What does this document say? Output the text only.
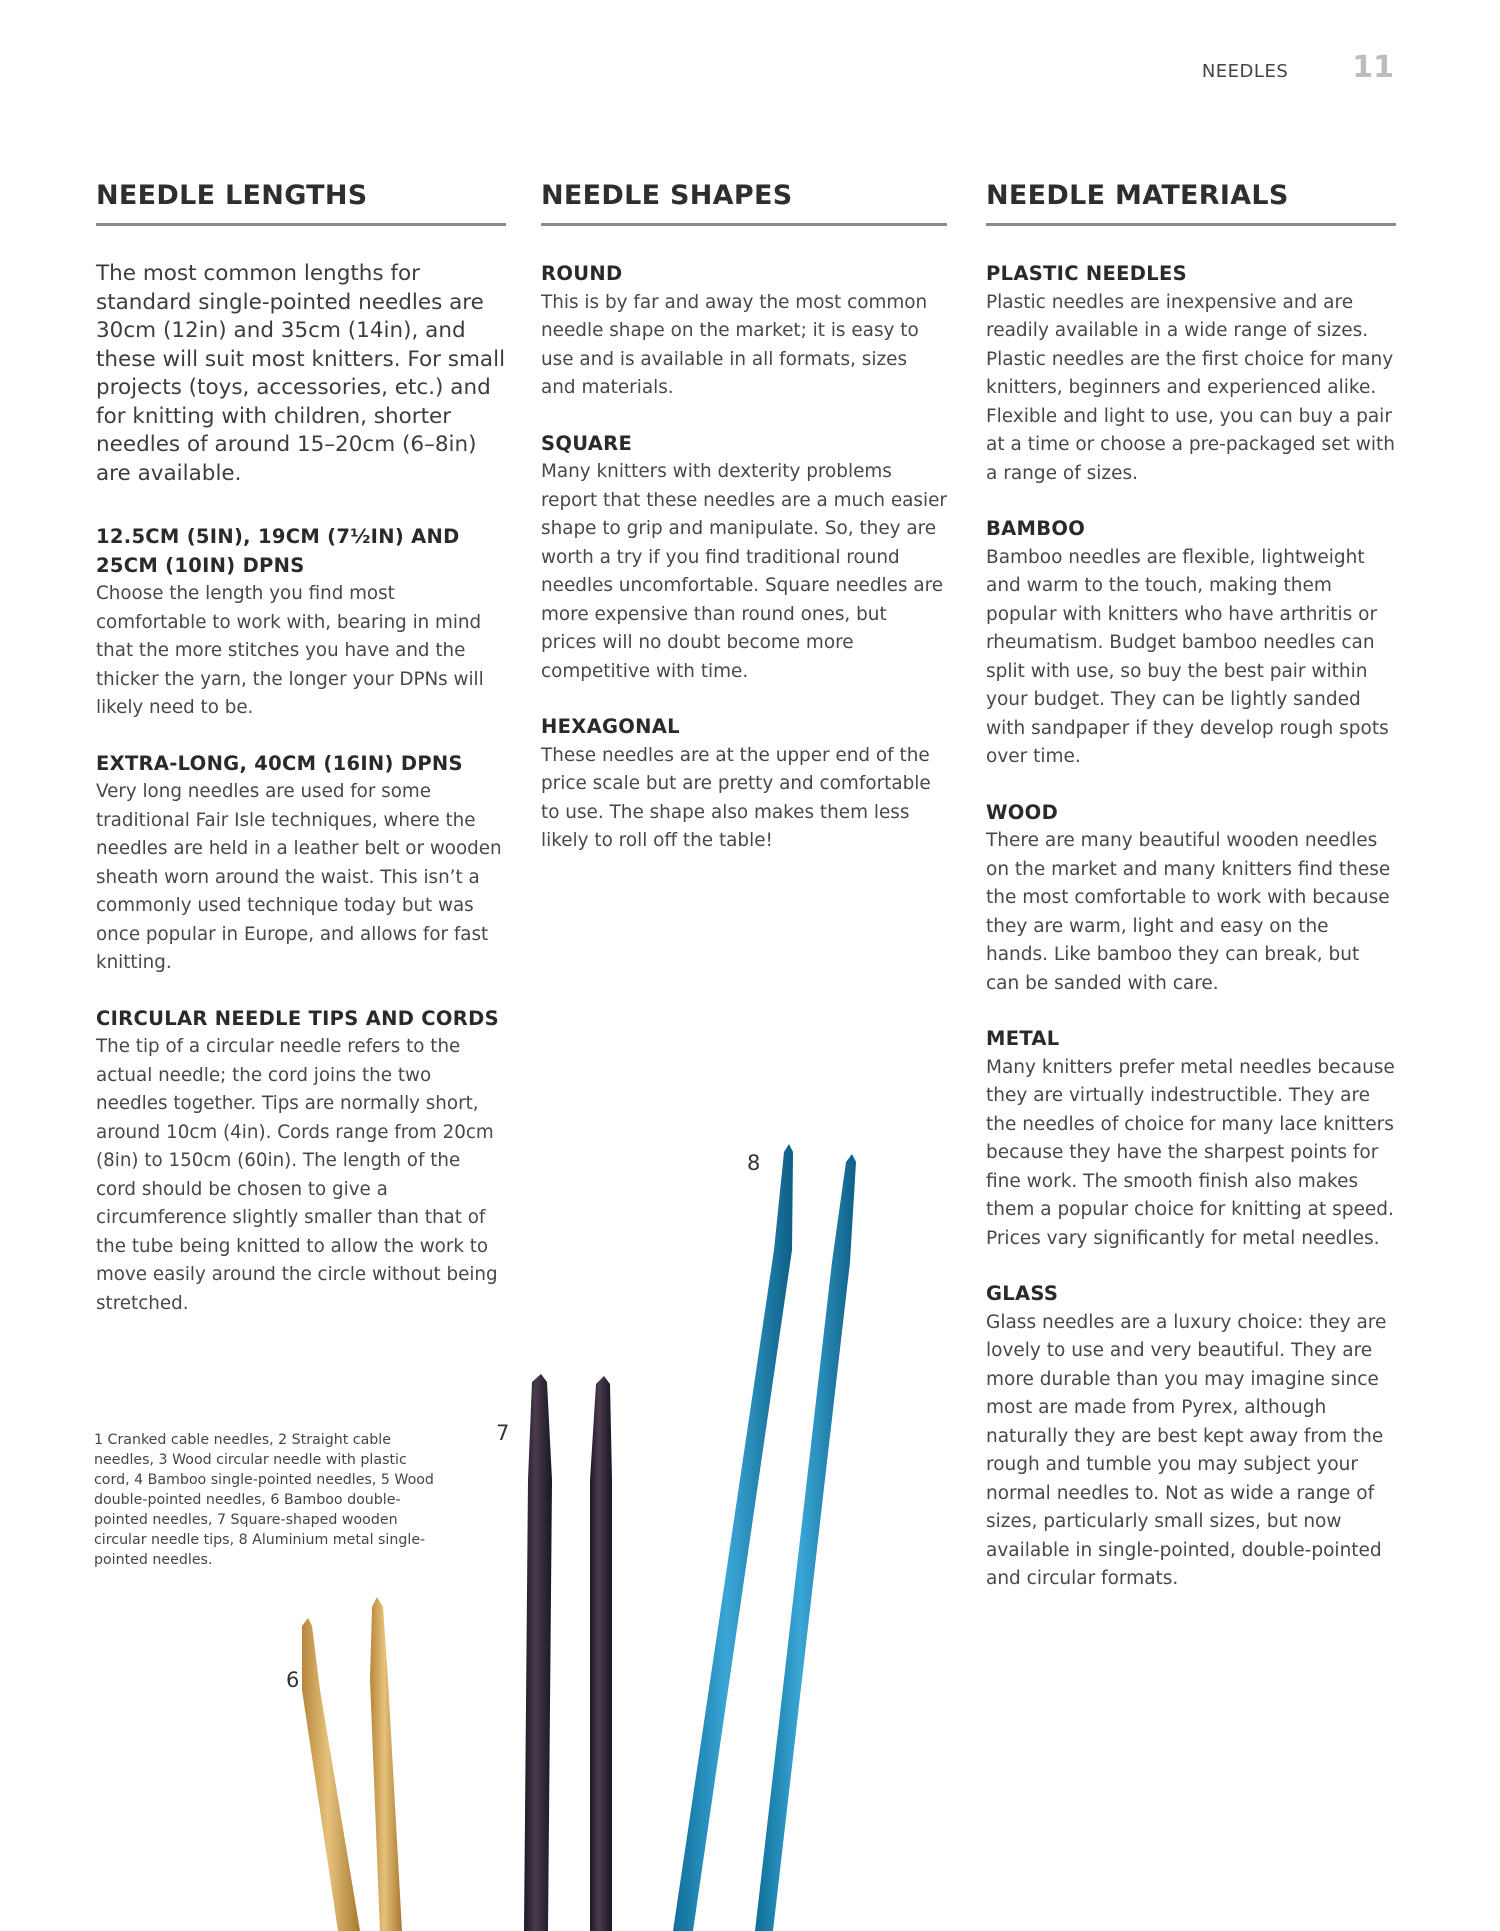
NEEDLES 11
NEEDLE LENGTHS

The most common lengths for standard single-pointed needles are 30cm (12in) and 35cm (14in), and these will suit most knitters. For small projects (toys, accessories, etc.) and for knitting with children, shorter needles of around 15–20cm (6–8in) are available.

12.5CM (5IN), 19CM (7½IN) AND 25CM (10IN) DPNS

Choose the length you find most comfortable to work with, bearing in mind that the more stitches you have and the thicker the yarn, the longer your DPNs will likely need to be.

EXTRA-LONG, 40CM (16IN) DPNS

Very long needles are used for some traditional Fair Isle techniques, where the needles are held in a leather belt or wooden sheath worn around the waist. This isn’t a commonly used technique today but was once popular in Europe, and allows for fast knitting.

CIRCULAR NEEDLE TIPS AND CORDS

The tip of a circular needle refers to the actual needle; the cord joins the two needles together. Tips are normally short, around 10cm (4in). Cords range from 20cm (8in) to 150cm (60in). The length of the cord should be chosen to give a circumference slightly smaller than that of the tube being knitted to allow the work to move easily around the circle without being stretched.

NEEDLE SHAPES
ROUND

This is by far and away the most common needle shape on the market; it is easy to use and is available in all formats, sizes and materials.

SQUARE

Many knitters with dexterity problems report that these needles are a much easier shape to grip and manipulate. So, they are worth a try if you find traditional round needles uncomfortable. Square needles are more expensive than round ones, but prices will no doubt become more competitive with time.

HEXAGONAL

These needles are at the upper end of the price scale but are pretty and comfortable to use. The shape also makes them less likely to roll off the table!

NEEDLE MATERIALS
PLASTIC NEEDLES

Plastic needles are inexpensive and are readily available in a wide range of sizes. Plastic needles are the first choice for many knitters, beginners and experienced alike. Flexible and light to use, you can buy a pair at a time or choose a pre-packaged set with a range of sizes.

BAMBOO

Bamboo needles are flexible, lightweight and warm to the touch, making them popular with knitters who have arthritis or rheumatism. Budget bamboo needles can split with use, so buy the best pair within your budget. They can be lightly sanded with sandpaper if they develop rough spots over time.

WOOD

There are many beautiful wooden needles on the market and many knitters find these the most comfortable to work with because they are warm, light and easy on the hands. Like bamboo they can break, but can be sanded with care.

METAL

Many knitters prefer metal needles because they are virtually indestructible. They are the needles of choice for many lace knitters because they have the sharpest points for fine work. The smooth finish also makes them a popular choice for knitting at speed. Prices vary significantly for metal needles.

GLASS

Glass needles are a luxury choice: they are lovely to use and very beautiful. They are more durable than you may imagine since most are made from Pyrex, although naturally they are best kept away from the rough and tumble you may subject your normal needles to. Not as wide a range of sizes, particularly small sizes, but now available in single-pointed, double-pointed and circular formats.

1 Cranked cable needles, 2 Straight cable needles, 3 Wood circular needle with plastic cord, 4 Bamboo single-pointed needles, 5 Wood double-pointed needles, 6 Bamboo double-pointed needles, 7 Square-shaped wooden circular needle tips, 8 Aluminium metal single-pointed needles.

6
7
8
